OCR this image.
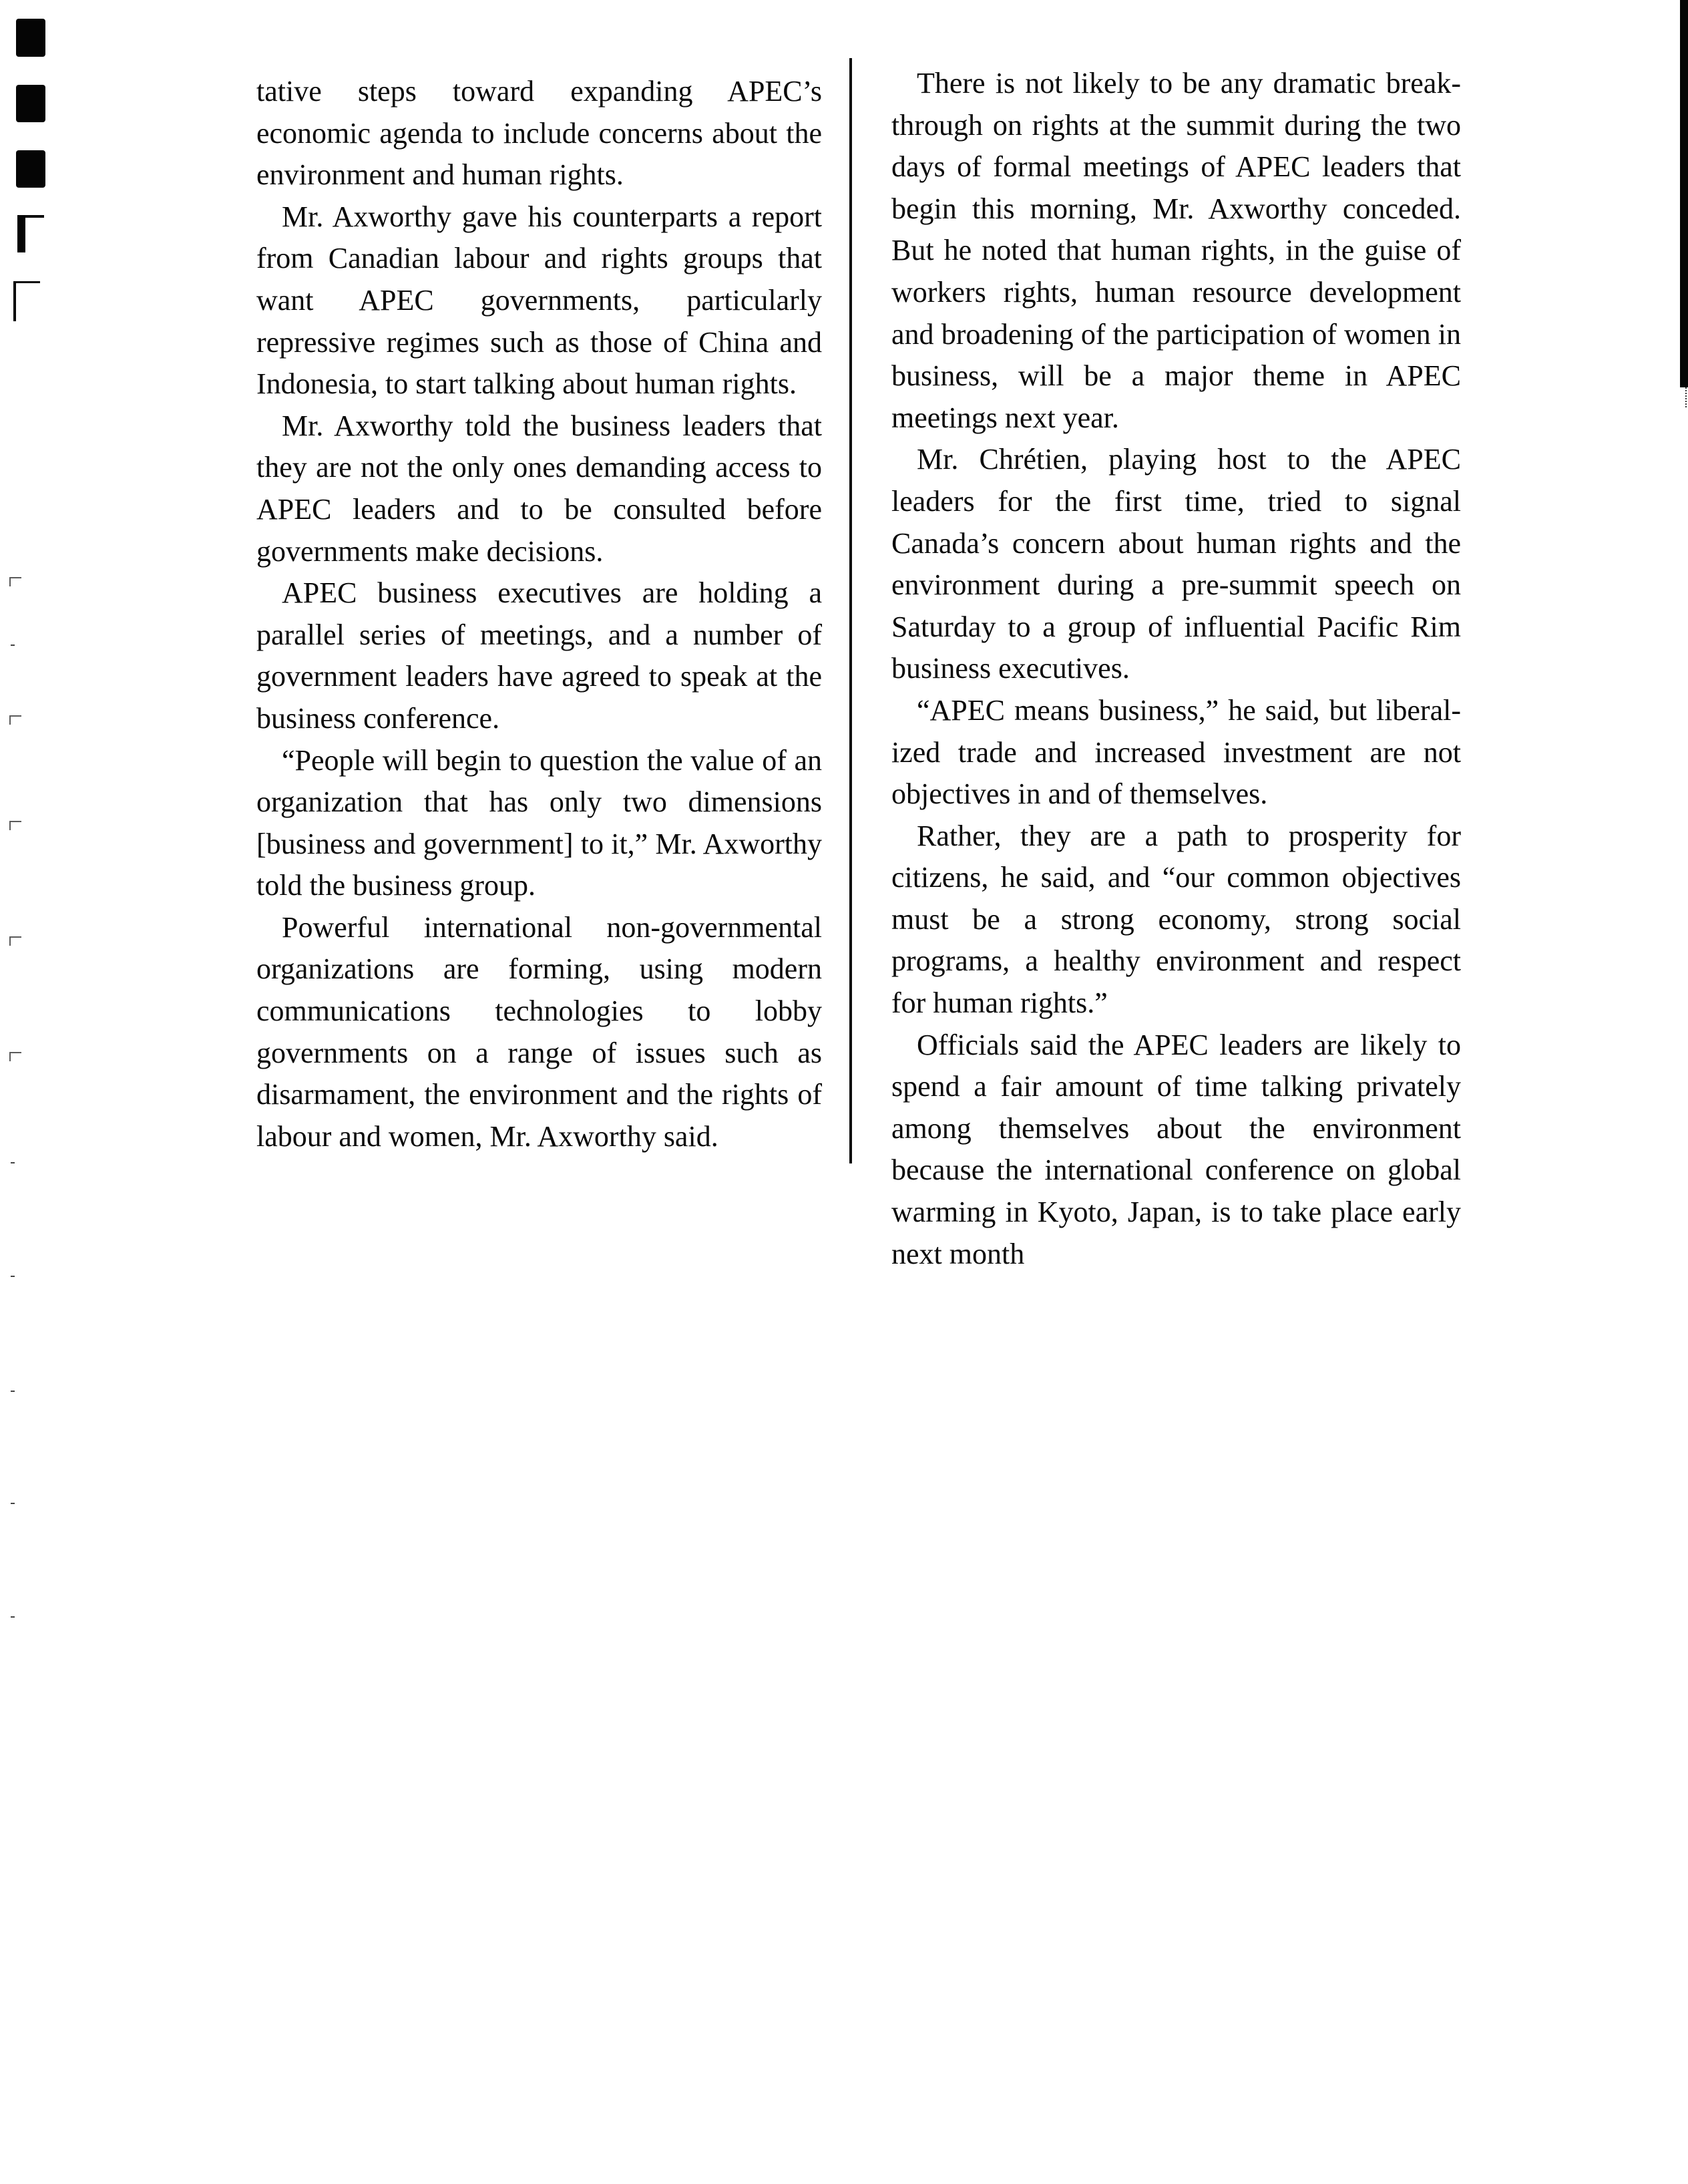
tative steps toward expanding APEC’s economic agenda to include concerns about the environment and human rights.

Mr. Axworthy gave his counterparts a report from Canadian labour and rights groups that want APEC governments, particularly repressive regimes such as those of China and Indonesia, to start talking about human rights.

Mr. Axworthy told the business leaders that they are not the only ones demanding access to APEC leaders and to be consulted before governments make decisions.

APEC business executives are holding a parallel series of meetings, and a number of government leaders have agreed to speak at the business conference.

“People will begin to question the value of an organization that has only two dimensions [business and government] to it,” Mr. Axworthy told the business group.

Powerful international non-governmental organizations are forming, using modern communications technologies to lobby governments on a range of issues such as disarmament, the environment and the rights of labour and women, Mr. Axworthy said.

There is not likely to be any dramatic breakthrough on rights at the summit during the two days of formal meetings of APEC leaders that begin this morning, Mr. Axworthy conceded. But he noted that human rights, in the guise of workers rights, human resource development and broadening of the participation of women in business, will be a major theme in APEC meetings next year.

Mr. Chrétien, playing host to the APEC leaders for the first time, tried to signal Canada’s concern about human rights and the environment during a pre-summit speech on Saturday to a group of influential Pacific Rim business executives.

“APEC means business,” he said, but liberalized trade and increased investment are not objectives in and of themselves.

Rather, they are a path to prosperity for citizens, he said, and “our common objectives must be a strong economy, strong social programs, a healthy environment and respect for human rights.”

Officials said the APEC leaders are likely to spend a fair amount of time talking privately among themselves about the environment because the international conference on global warming in Kyoto, Japan, is to take place early next month
